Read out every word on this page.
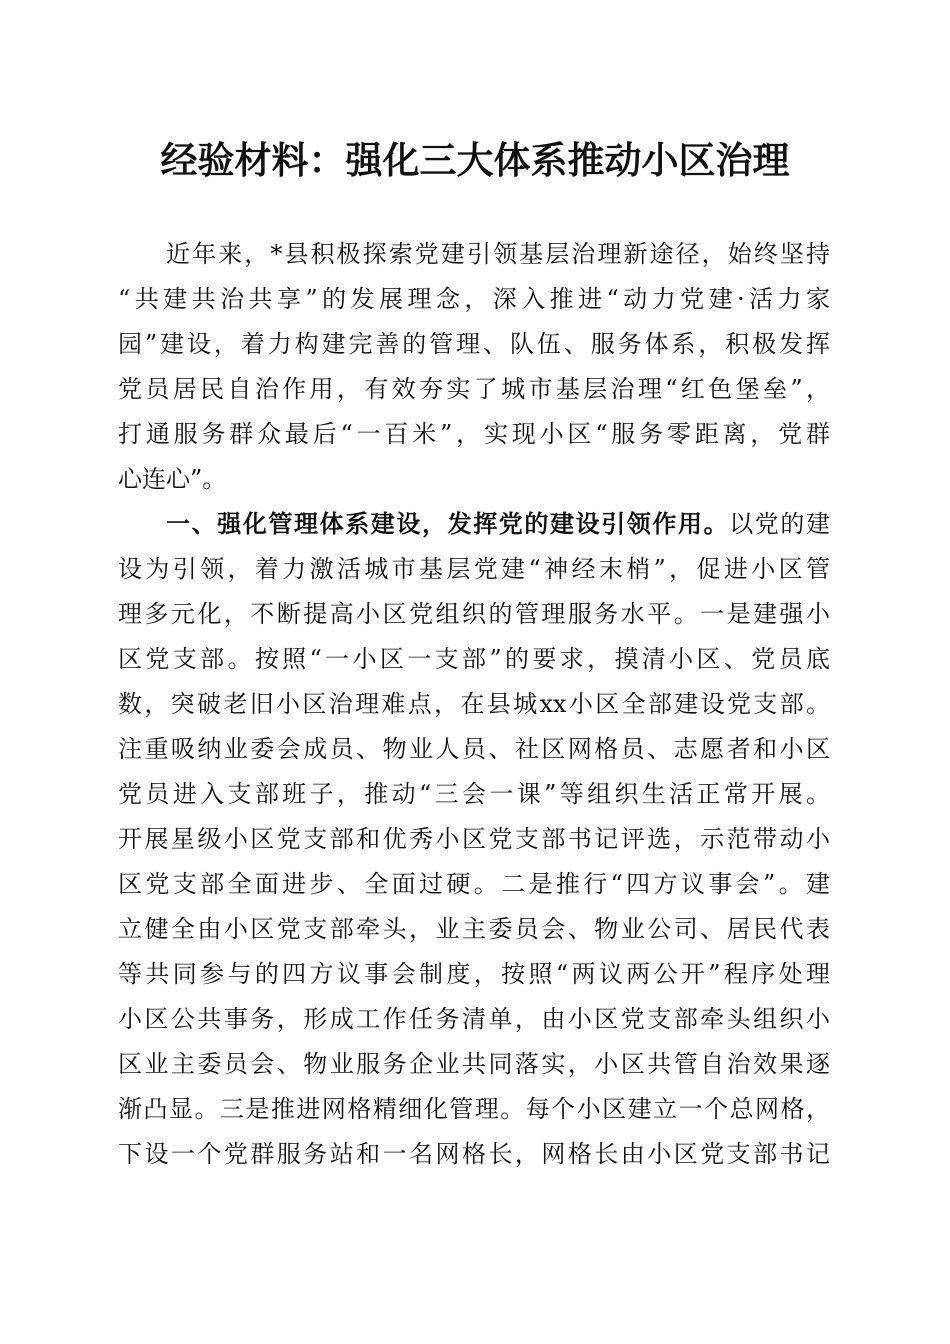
经验材料：强化三大体系推动小区治理
近年来，*县积极探索党建引领基层治理新途径，始终坚持
“共建共治共享”的发展理念，深入推进“动力党建·活力家
园”建设，着力构建完善的管理、队伍、服务体系，积极发挥
党员居民自治作用，有效夯实了城市基层治理“红色堡垒”，
打通服务群众最后“一百米”，实现小区“服务零距离，党群
心连心”。
一、强化管理体系建设，发挥党的建设引领作用。以党的建
设为引领，着力激活城市基层党建“神经末梢”，促进小区管
理多元化，不断提高小区党组织的管理服务水平。一是建强小
区党支部。按照“一小区一支部”的要求，摸清小区、党员底
数，突破老旧小区治理难点，在县城xx小区全部建设党支部。
注重吸纳业委会成员、物业人员、社区网格员、志愿者和小区
党员进入支部班子，推动“三会一课”等组织生活正常开展。
开展星级小区党支部和优秀小区党支部书记评选，示范带动小
区党支部全面进步、全面过硬。二是推行“四方议事会”。建
立健全由小区党支部牵头，业主委员会、物业公司、居民代表
等共同参与的四方议事会制度，按照“两议两公开”程序处理
小区公共事务，形成工作任务清单，由小区党支部牵头组织小
区业主委员会、物业服务企业共同落实，小区共管自治效果逐
渐凸显。三是推进网格精细化管理。每个小区建立一个总网格，
下设一个党群服务站和一名网格长，网格长由小区党支部书记
